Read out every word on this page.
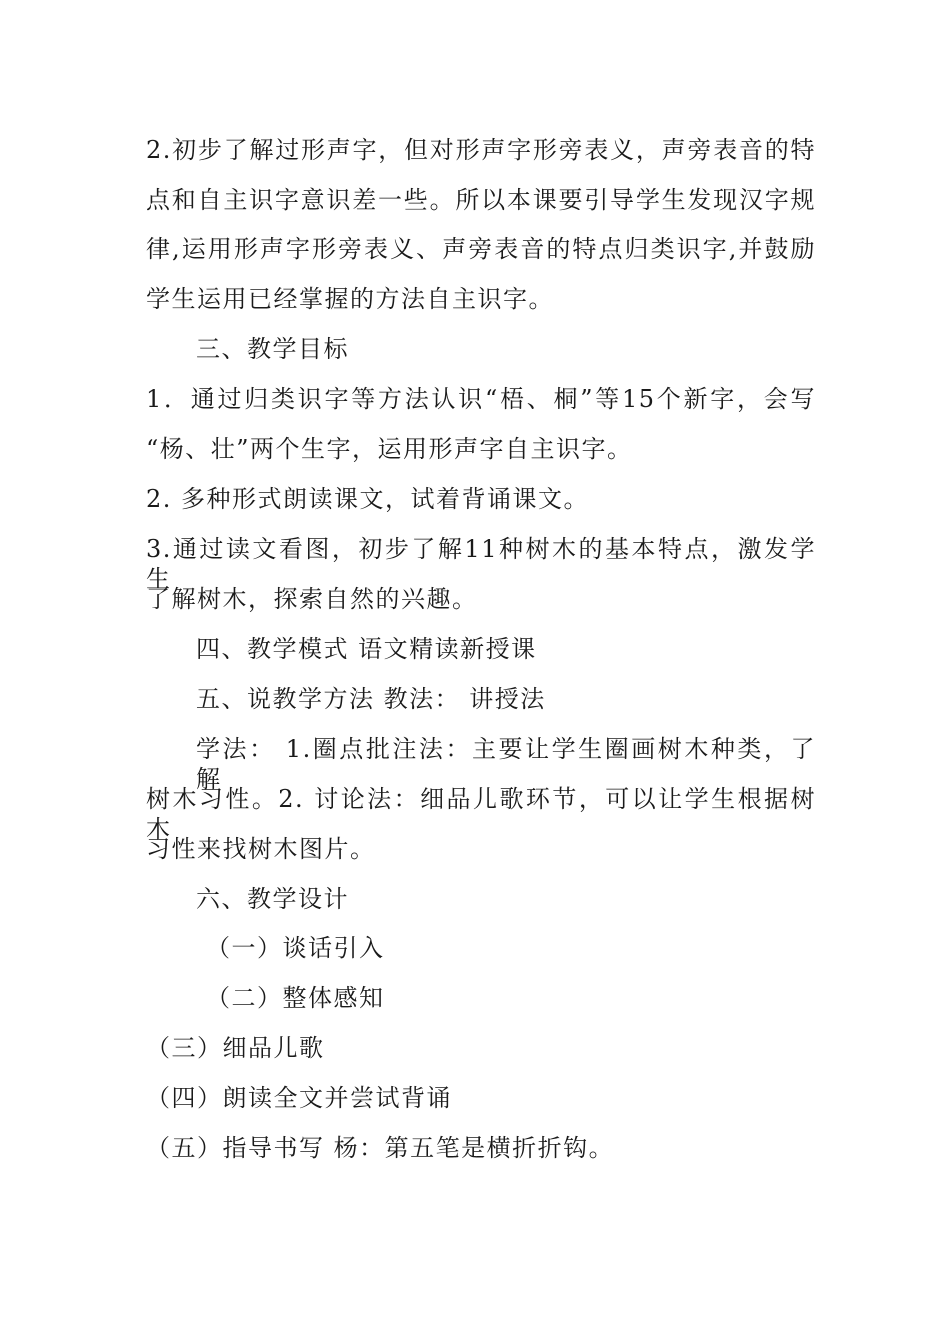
2.初步了解过形声字，但对形声字形旁表义，声旁表音的特
点和自主识字意识差一些。所以本课要引导学生发现汉字规
律,运用形声字形旁表义、声旁表音的特点归类识字,并鼓励
学生运用已经掌握的方法自主识字。
三、教学目标
1．通过归类识字等方法认识“梧、桐”等15个新字，会写
“杨、壮”两个生字，运用形声字自主识字。
2. 多种形式朗读课文，试着背诵课文。
3.通过读文看图，初步了解11种树木的基本特点，激发学生
了解树木，探索自然的兴趣。
四、教学模式 语文精读新授课
五、说教学方法 教法： 讲授法
学法： 1.圈点批注法：主要让学生圈画树木种类，了解
树木习性。2. 讨论法：细品儿歌环节，可以让学生根据树木
习性来找树木图片。
六、教学设计
（一）谈话引入
（二）整体感知
（三）细品儿歌
（四）朗读全文并尝试背诵
（五）指导书写 杨：第五笔是横折折钩。
